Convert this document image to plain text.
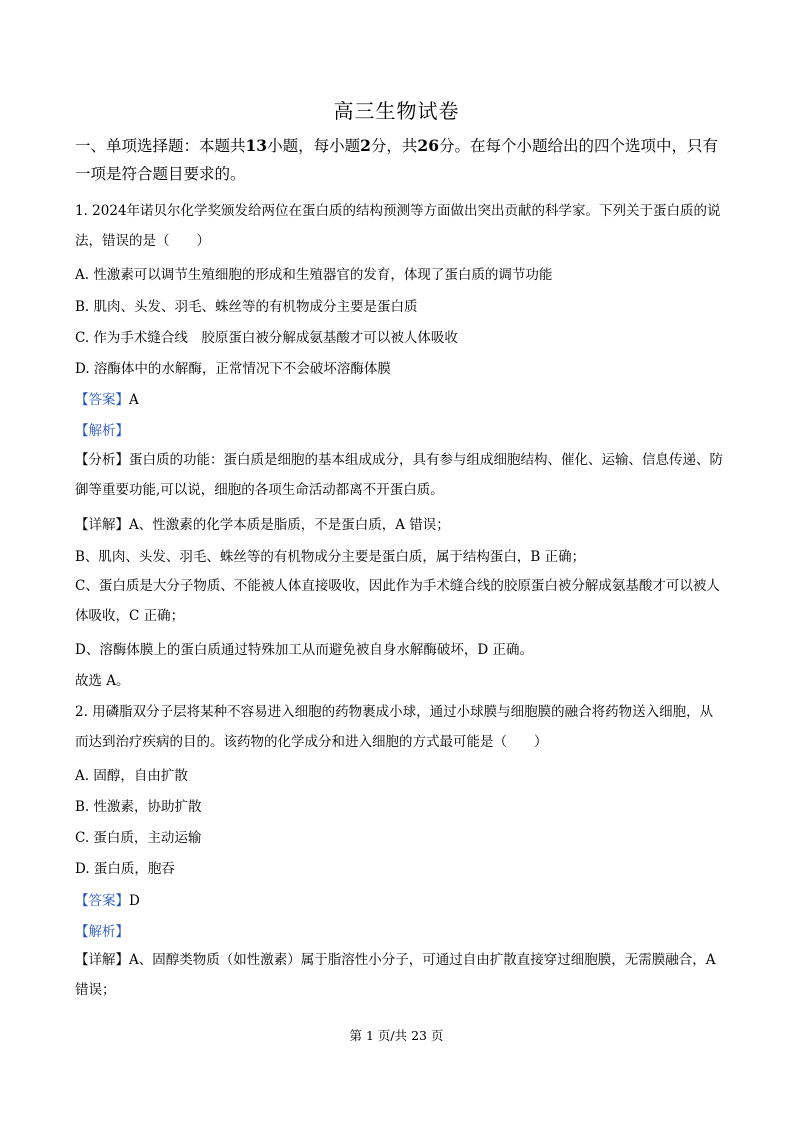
高三生物试卷
一、单项选择题：本题共13小题，每小题2分，共26分。在每个小题给出的四个选项中，只有一项是符合题目要求的。
1. 2024年诺贝尔化学奖颁发给两位在蛋白质的结构预测等方面做出突出贡献的科学家。下列关于蛋白质的说法，错误的是（　　）
A. 性激素可以调节生殖细胞的形成和生殖器官的发育，体现了蛋白质的调节功能
B. 肌肉、头发、羽毛、蛛丝等的有机物成分主要是蛋白质
C. 作为手术缝合线　胶原蛋白被分解成氨基酸才可以被人体吸收
D. 溶酶体中的水解酶，正常情况下不会破坏溶酶体膜
【答案】A
【解析】
【分析】蛋白质的功能：蛋白质是细胞的基本组成成分，具有参与组成细胞结构、催化、运输、信息传递、防御等重要功能,可以说，细胞的各项生命活动都离不开蛋白质。
【详解】A、性激素的化学本质是脂质，不是蛋白质，A 错误；
B、肌肉、头发、羽毛、蛛丝等的有机物成分主要是蛋白质，属于结构蛋白，B 正确；
C、蛋白质是大分子物质、不能被人体直接吸收，因此作为手术缝合线的胶原蛋白被分解成氨基酸才可以被人体吸收，C 正确；
D、溶酶体膜上的蛋白质通过特殊加工从而避免被自身水解酶破坏，D 正确。
故选 A。
2. 用磷脂双分子层将某种不容易进入细胞的药物裹成小球，通过小球膜与细胞膜的融合将药物送入细胞，从而达到治疗疾病的目的。该药物的化学成分和进入细胞的方式最可能是（　　）
A. 固醇，自由扩散
B. 性激素，协助扩散
C. 蛋白质，主动运输
D. 蛋白质，胞吞
【答案】D
【解析】
【详解】A、固醇类物质（如性激素）属于脂溶性小分子，可通过自由扩散直接穿过细胞膜，无需膜融合，A 错误；
第 1 页/共 23 页
